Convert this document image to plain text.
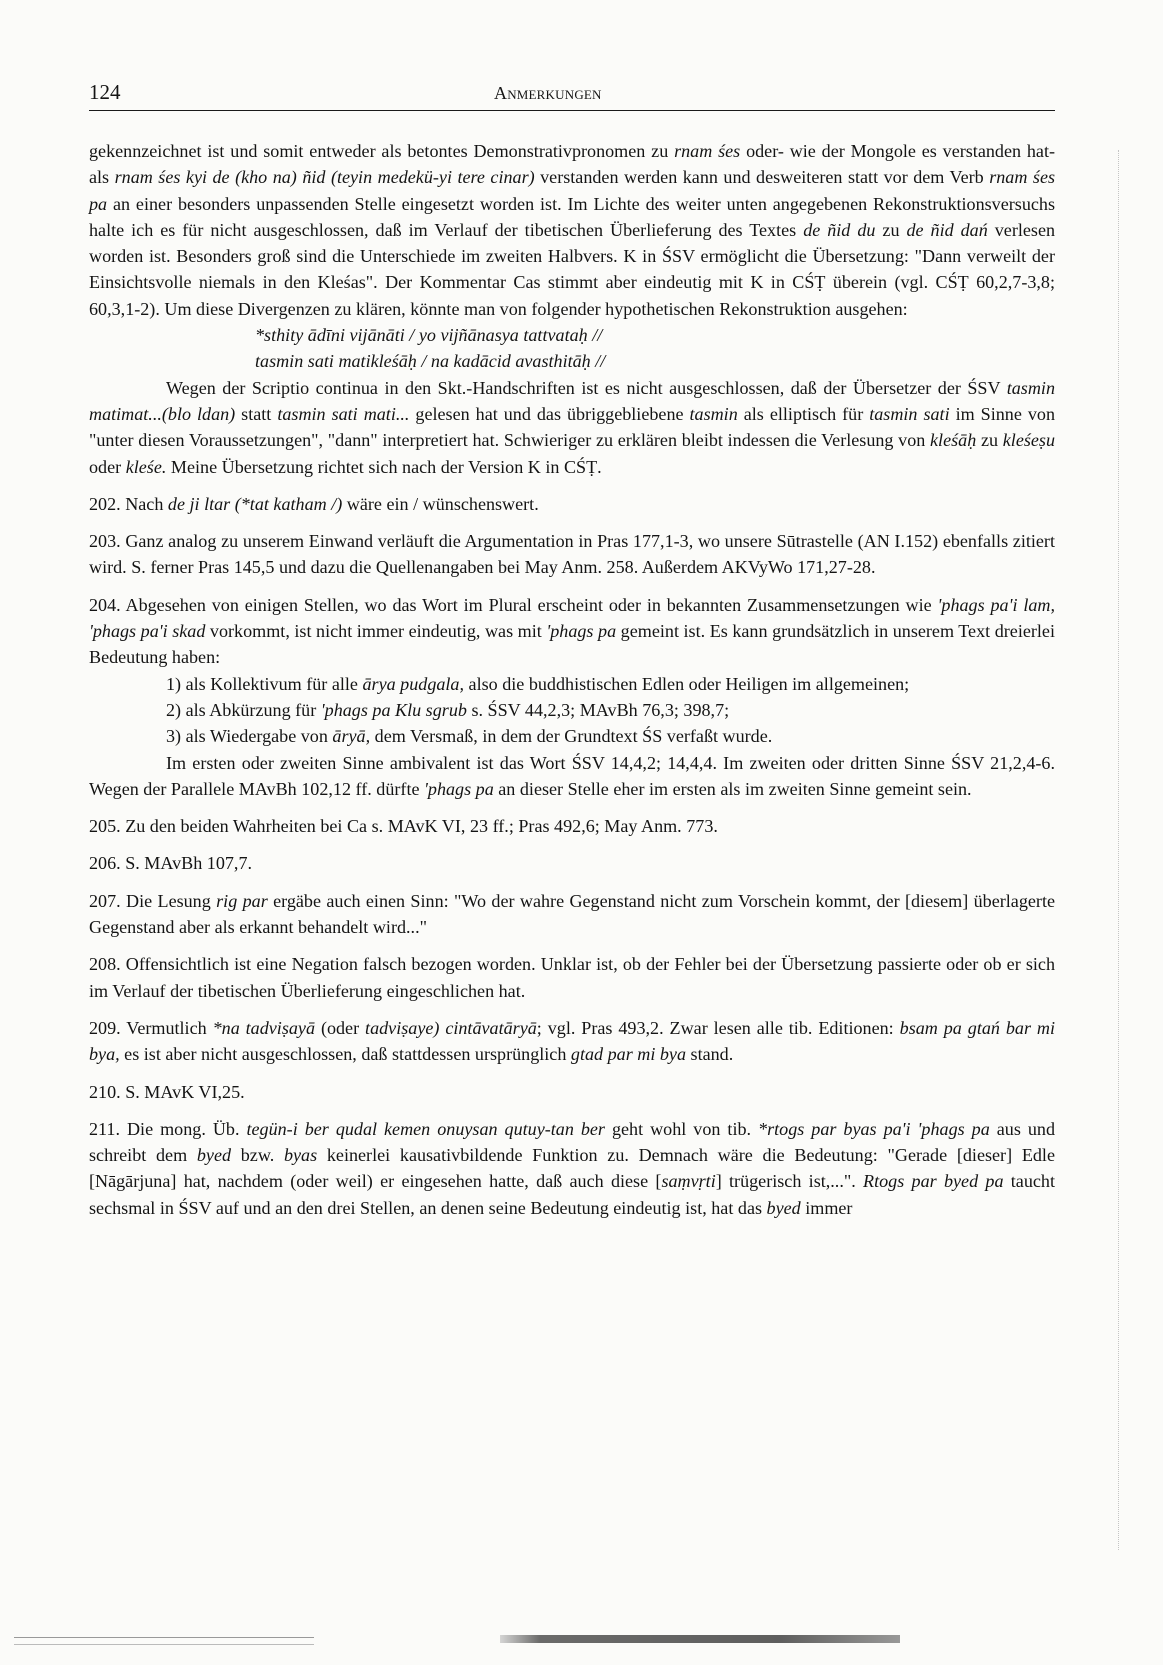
124	Anmerkungen

gekennzeichnet ist und somit entweder als betontes Demonstrativpronomen zu rnam śes oder- wie der Mongole es verstanden hat- als rnam śes kyi de (kho na) ñid (teyin medekü-yi tere cinar) verstanden werden kann und desweiteren statt vor dem Verb rnam śes pa an einer besonders unpassenden Stelle eingesetzt worden ist. Im Lichte des weiter unten angegebenen Rekonstruktionsversuchs halte ich es für nicht ausgeschlossen, daß im Verlauf der tibetischen Überlieferung des Textes de ñid du zu de ñid dań verlesen worden ist. Besonders groß sind die Unterschiede im zweiten Halbvers. K in ŚSV ermöglicht die Übersetzung: "Dann verweilt der Einsichtsvolle niemals in den Kleśas". Der Kommentar Cas stimmt aber eindeutig mit K in CŚṬ überein (vgl. CŚṬ 60,2,7-3,8; 60,3,1-2). Um diese Divergenzen zu klären, könnte man von folgender hypothetischen Rekonstruktion ausgehen:

*sthity ādīni vijānāti / yo vijñānasya tattvataḥ //

tasmin sati matikleśāḥ / na kadācid avasthitāḥ //

Wegen der Scriptio continua in den Skt.-Handschriften ist es nicht ausgeschlossen, daß der Übersetzer der ŚSV tasmin matimat...(blo ldan) statt tasmin sati mati... gelesen hat und das übriggebliebene tasmin als elliptisch für tasmin sati im Sinne von "unter diesen Voraussetzungen", "dann" interpretiert hat. Schwieriger zu erklären bleibt indessen die Verlesung von kleśāḥ zu kleśeṣu oder kleśe. Meine Übersetzung richtet sich nach der Version K in CŚṬ.

202. Nach de ji ltar (*tat katham /) wäre ein / wünschenswert.

203. Ganz analog zu unserem Einwand verläuft die Argumentation in Pras 177,1-3, wo unsere Sūtrastelle (AN I.152) ebenfalls zitiert wird. S. ferner Pras 145,5 und dazu die Quellenangaben bei May Anm. 258. Außerdem AKVyWo 171,27-28.

204. Abgesehen von einigen Stellen, wo das Wort im Plural erscheint oder in bekannten Zusammensetzungen wie 'phags pa'i lam, 'phags pa'i skad vorkommt, ist nicht immer eindeutig, was mit 'phags pa gemeint ist. Es kann grundsätzlich in unserem Text dreierlei Bedeutung haben:

1) als Kollektivum für alle ārya pudgala, also die buddhistischen Edlen oder Heiligen im allgemeinen;

2) als Abkürzung für 'phags pa Klu sgrub s. ŚSV 44,2,3; MAvBh 76,3; 398,7;

3) als Wiedergabe von āryā, dem Versmaß, in dem der Grundtext ŚS verfaßt wurde.

Im ersten oder zweiten Sinne ambivalent ist das Wort ŚSV 14,4,2; 14,4,4. Im zweiten oder dritten Sinne ŚSV 21,2,4-6. Wegen der Parallele MAvBh 102,12 ff. dürfte 'phags pa an dieser Stelle eher im ersten als im zweiten Sinne gemeint sein.

205. Zu den beiden Wahrheiten bei Ca s. MAvK VI, 23 ff.; Pras 492,6; May Anm. 773.

206. S. MAvBh 107,7.

207. Die Lesung rig par ergäbe auch einen Sinn: "Wo der wahre Gegenstand nicht zum Vorschein kommt, der [diesem] überlagerte Gegenstand aber als erkannt behandelt wird..."

208. Offensichtlich ist eine Negation falsch bezogen worden. Unklar ist, ob der Fehler bei der Übersetzung passierte oder ob er sich im Verlauf der tibetischen Überlieferung eingeschlichen hat.

209. Vermutlich *na tadviṣayā (oder tadviṣaye) cintāvatāryā; vgl. Pras 493,2. Zwar lesen alle tib. Editionen: bsam pa gtań bar mi bya, es ist aber nicht ausgeschlossen, daß stattdessen ursprünglich gtad par mi bya stand.

210. S. MAvK VI,25.

211. Die mong. Üb. tegün-i ber qudal kemen onuysan qutuy-tan ber geht wohl von tib. *rtogs par byas pa'i 'phags pa aus und schreibt dem byed bzw. byas keinerlei kausativbildende Funktion zu. Demnach wäre die Bedeutung: "Gerade [dieser] Edle [Nāgārjuna] hat, nachdem (oder weil) er eingesehen hatte, daß auch diese [saṃvṛti] trügerisch ist,...". Rtogs par byed pa taucht sechsmal in ŚSV auf und an den drei Stellen, an denen seine Bedeutung eindeutig ist, hat das byed immer
